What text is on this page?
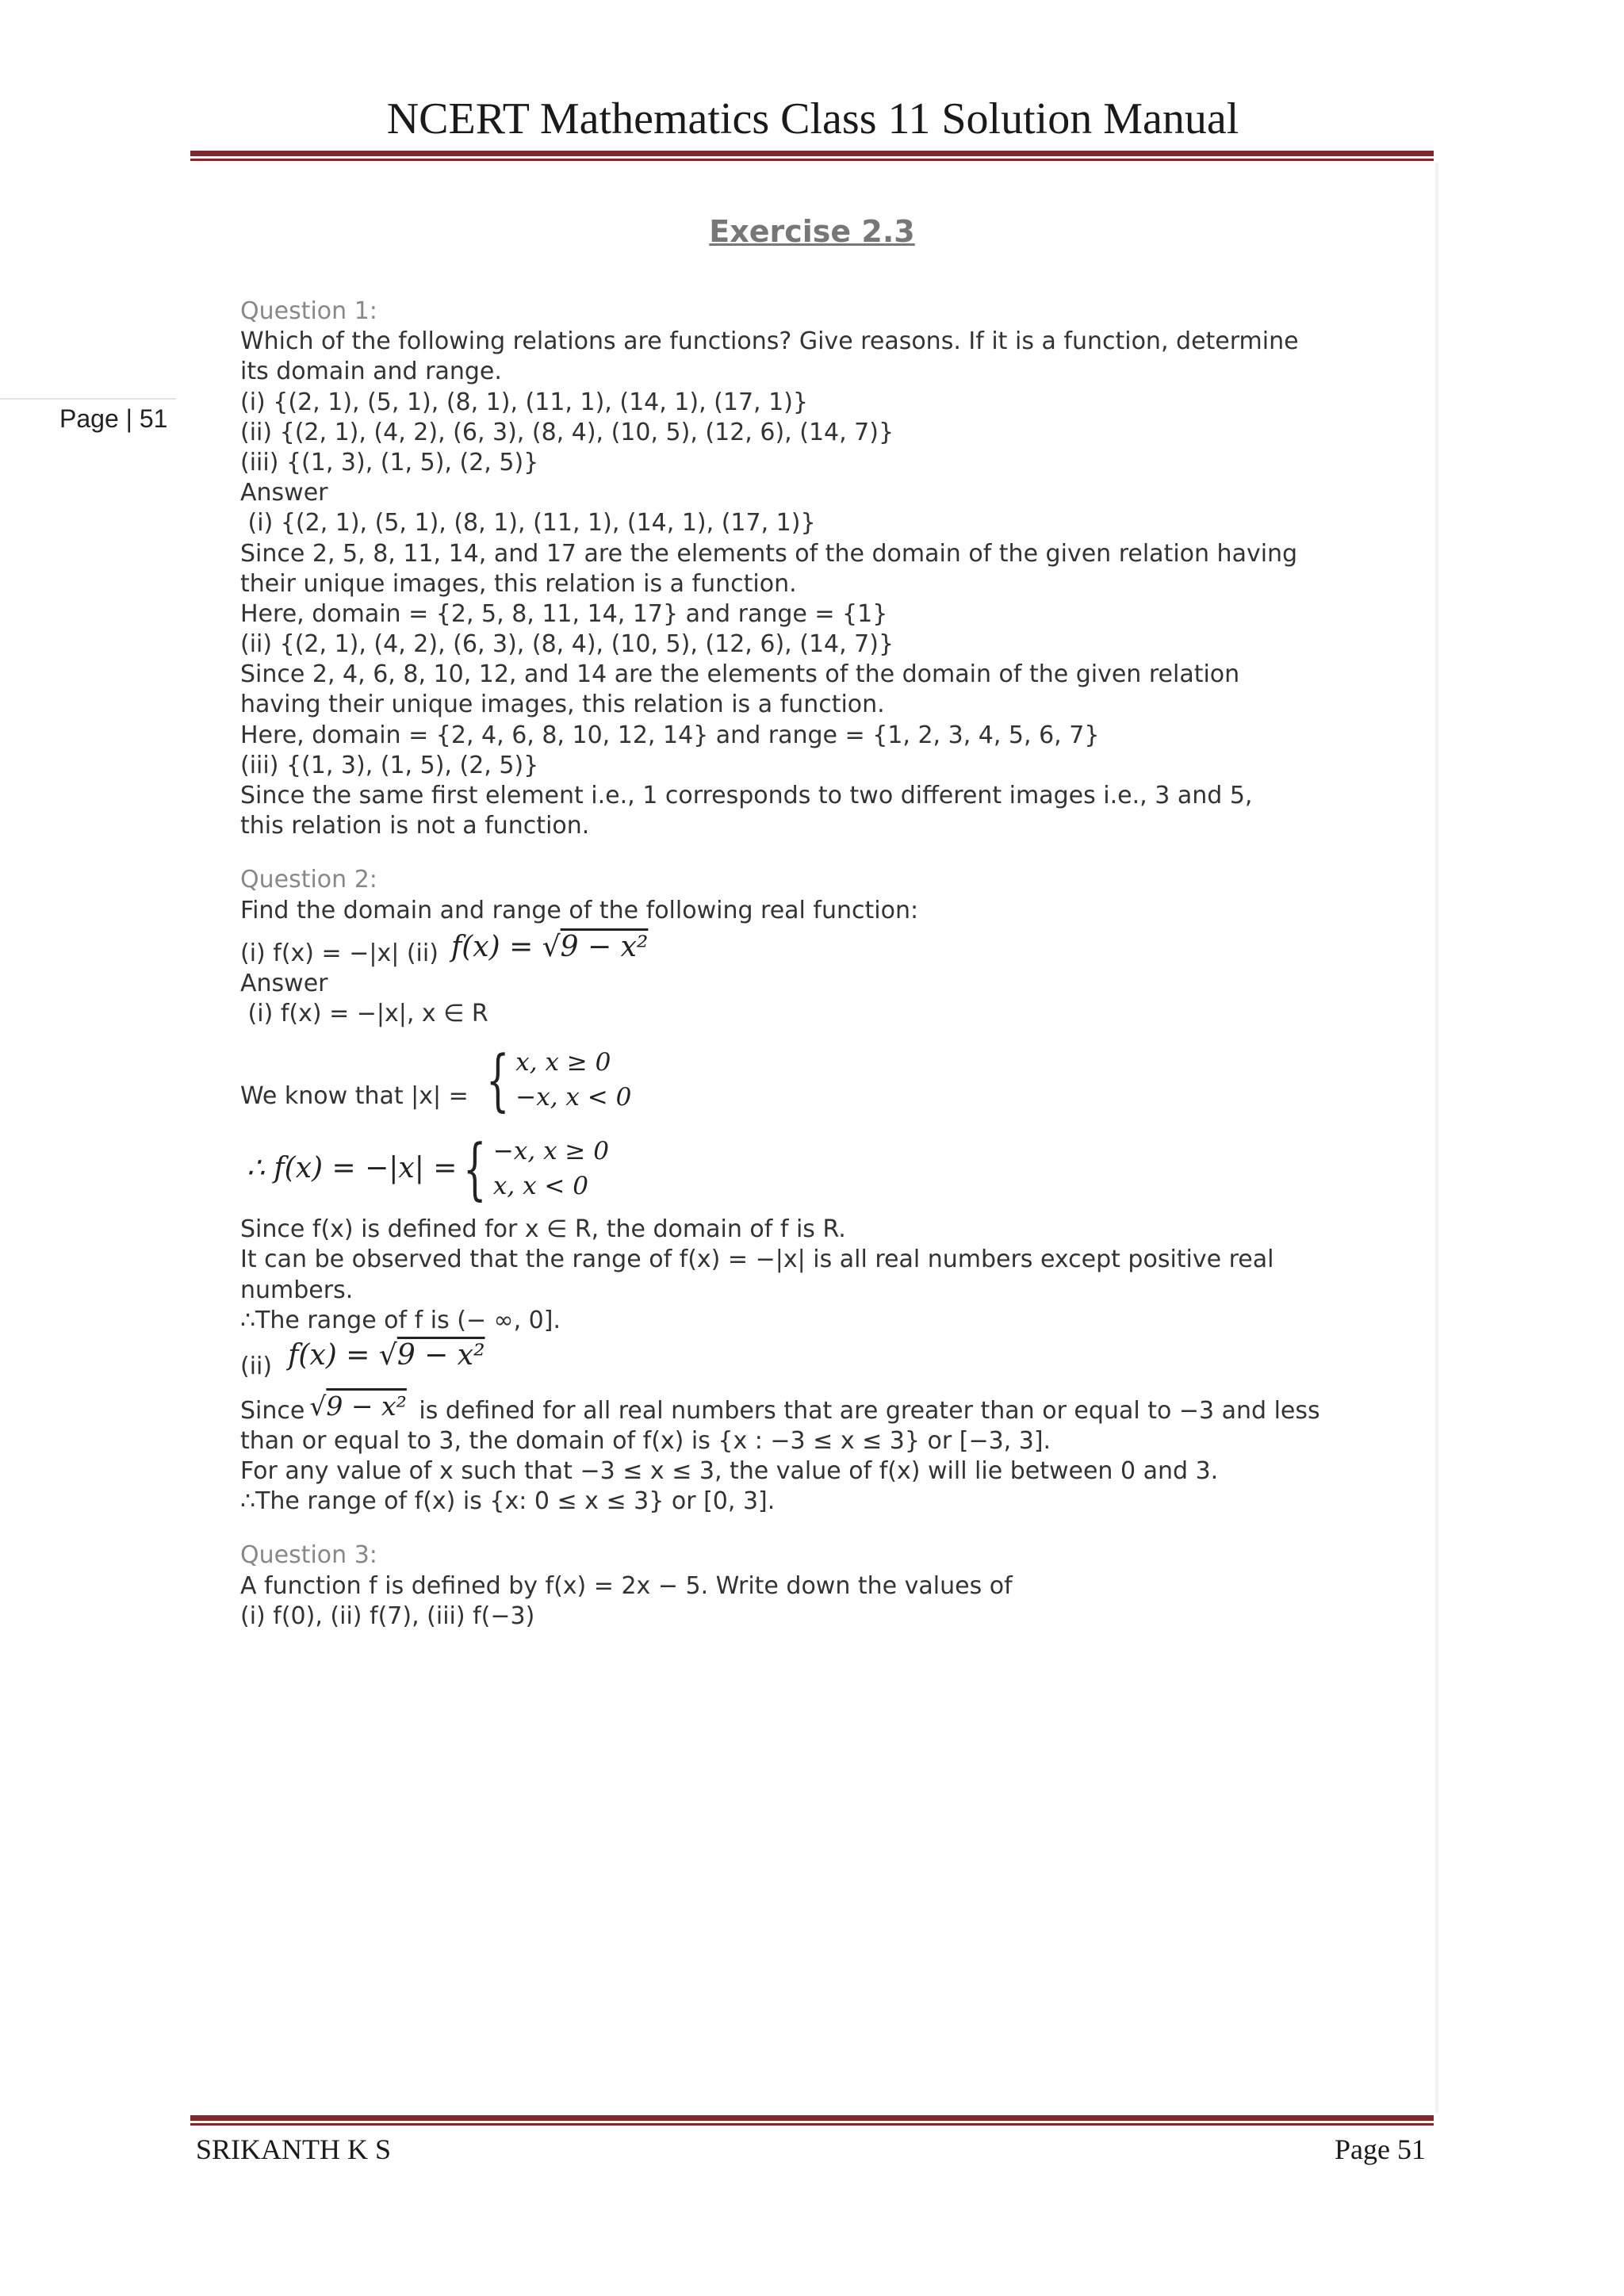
NCERT Mathematics Class 11 Solution Manual
Page | 51
Exercise 2.3
Question 1:
Which of the following relations are functions? Give reasons. If it is a function, determine
its domain and range.
(i) {(2, 1), (5, 1), (8, 1), (11, 1), (14, 1), (17, 1)}
(ii) {(2, 1), (4, 2), (6, 3), (8, 4), (10, 5), (12, 6), (14, 7)}
(iii) {(1, 3), (1, 5), (2, 5)}
Answer
(i) {(2, 1), (5, 1), (8, 1), (11, 1), (14, 1), (17, 1)}
Since 2, 5, 8, 11, 14, and 17 are the elements of the domain of the given relation having
their unique images, this relation is a function.
Here, domain = {2, 5, 8, 11, 14, 17} and range = {1}
(ii) {(2, 1), (4, 2), (6, 3), (8, 4), (10, 5), (12, 6), (14, 7)}
Since 2, 4, 6, 8, 10, 12, and 14 are the elements of the domain of the given relation
having their unique images, this relation is a function.
Here, domain = {2, 4, 6, 8, 10, 12, 14} and range = {1, 2, 3, 4, 5, 6, 7}
(iii) {(1, 3), (1, 5), (2, 5)}
Since the same first element i.e., 1 corresponds to two different images i.e., 3 and 5,
this relation is not a function.
Question 2:
Find the domain and range of the following real function:
(i) f(x) = −|x| (ii) f(x) = √9 − x²
Answer
(i) f(x) = −|x|, x ∈ R
We know that |x| = { x, x ≥ 0
−x, x < 0
∴ f(x) = −|x| = { −x, x ≥ 0
x, x < 0
Since f(x) is defined for x ∈ R, the domain of f is R.
It can be observed that the range of f(x) = −|x| is all real numbers except positive real
numbers.
∴The range of f is (− ∞, 0].
(ii) f(x) = √9 − x²
Since √9 − x² is defined for all real numbers that are greater than or equal to −3 and less
than or equal to 3, the domain of f(x) is {x : −3 ≤ x ≤ 3} or [−3, 3].
For any value of x such that −3 ≤ x ≤ 3, the value of f(x) will lie between 0 and 3.
∴The range of f(x) is {x: 0 ≤ x ≤ 3} or [0, 3].
Question 3:
A function f is defined by f(x) = 2x − 5. Write down the values of
(i) f(0), (ii) f(7), (iii) f(−3)
SRIKANTH K S	Page 51
